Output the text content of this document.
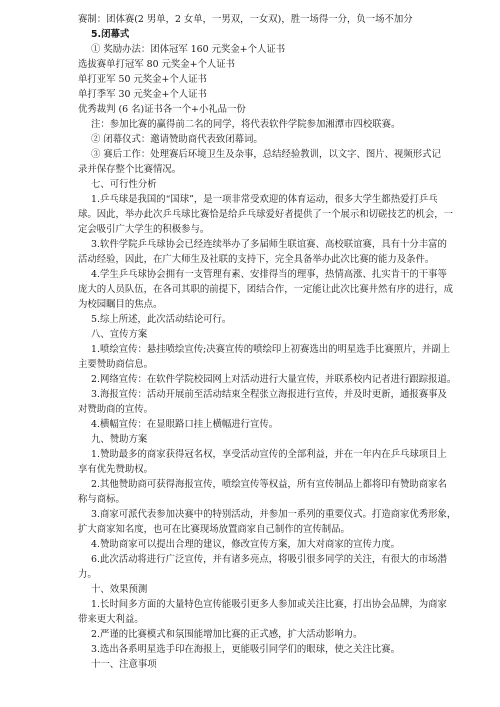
赛制：团体赛(2 男单，2 女单，一男双，一女双)，胜一场得一分，负一场不加分
5.闭幕式
① 奖励办法：团体冠军 160 元奖金+个人证书
选拔赛单打冠军 80 元奖金+个人证书
单打亚军 50 元奖金+个人证书
单打季军 30 元奖金+个人证书
优秀裁判 (6 名)证书各一个+小礼品一份
注：参加比赛的赢得前二名的同学，将代表软件学院参加湘潭市四校联赛。
② 闭幕仪式：邀请赞助商代表致闭幕词。
③ 赛后工作：处理赛后环境卫生及杂事，总结经验教训，以文字、图片、视频形式记
录并保存整个比赛情况。
七、可行性分析
1.乒乓球是我国的“国球”，是一项非常受欢迎的体育运动，很多大学生都热爱打乒乓
球。因此，举办此次乒乓球比赛恰是给乒乓球爱好者提供了一个展示和切磋技艺的机会，一
定会吸引广大学生的积极参与。
3.软件学院乒乓球协会已经连续举办了多届师生联谊赛、高校联谊赛，具有十分丰富的
活动经验，因此，在广大师生及社联的支持下，完全具备举办此次比赛的能力及条件。
4.学生乒乓球协会拥有一支管理有素、安排得当的理事，热情高涨、扎实肯干的干事等
庞大的人员队伍，在各司其职的前提下，团结合作，一定能让此次比赛井然有序的进行，成
为校园瞩目的焦点。
5.综上所述，此次活动结论可行。
八、宣传方案
1.喷绘宣传：悬挂喷绘宣传;决赛宣传的喷绘印上初赛选出的明星选手比赛照片，并副上
主要赞助商信息。
2.网络宣传：在软件学院校园网上对活动进行大量宣传，并联系校内记者进行跟踪报道。
3.海报宣传：活动开展前至活动结束全程张立海报进行宣传，并及时更新，通报赛事及
对赞助商的宣传。
4.横幅宣传：在显眼路口挂上横幅进行宣传。
九、赞助方案
1.赞助最多的商家获得冠名权，享受活动宣传的全部利益，并在一年内在乒乓球项目上
享有优先赞助权。
2.其他赞助商可获得海报宣传，喷绘宣传等权益，所有宣传制品上都将印有赞助商家名
称与商标。
3.商家可派代表参加决赛中的特别活动，并参加一系列的重要仪式。打造商家优秀形象，
扩大商家知名度，也可在比赛现场放置商家自己制作的宣传制品。
4.赞助商家可以提出合理的建议，修改宣传方案，加大对商家的宣传力度。
6.此次活动将进行广泛宣传，并有诸多亮点，将吸引很多同学的关注，有很大的市场潜
力。
十、效果预测
1.长时间多方面的大量特色宣传能吸引更多人参加或关注比赛，打出协会品牌，为商家
带来更大利益。
2.严谨的比赛模式和氛围能增加比赛的正式感，扩大活动影响力。
3.选出各系明星选手印在海报上，更能吸引同学们的眼球，使之关注比赛。
十一、注意事项
